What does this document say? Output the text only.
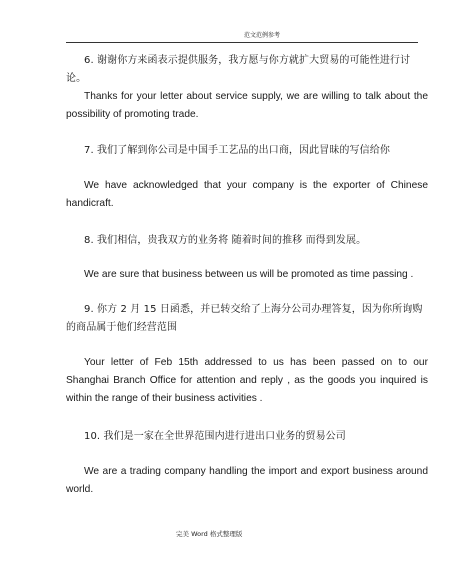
范文范例参考

6. 谢谢你方来函表示提供服务，我方愿与你方就扩大贸易的可能性进行讨论。

Thanks for your letter about service supply, we are willing to talk about the possibility of promoting trade.

7. 我们了解到你公司是中国手工艺品的出口商，因此冒昧的写信给你

We have acknowledged that your company is the exporter of Chinese handicraft.

8. 我们相信，贵我双方的业务将 随着时间的推移 而得到发展。

We are sure that business between us will be promoted as time passing .

9. 你方 2 月 15 日函悉，并已转交给了上海分公司办理答复，因为你所询购的商品属于他们经营范围

Your letter of Feb 15th addressed to us has been passed on to our Shanghai Branch Office for attention and reply , as the goods you inquired is within the range of their business activities .

10. 我们是一家在全世界范围内进行进出口业务的贸易公司

We are a trading company handling the import and export business around world.

完美 Word 格式整理版
